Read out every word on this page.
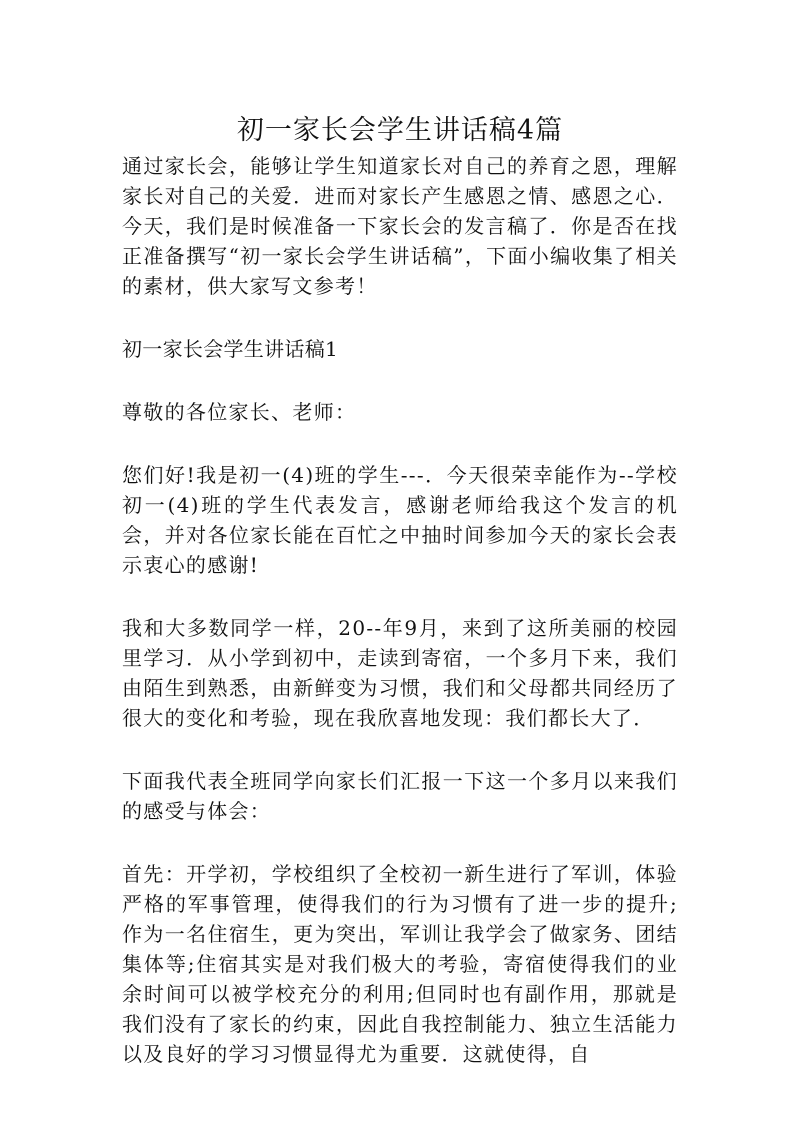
初一家长会学生讲话稿4篇

通过家长会，能够让学生知道家长对自己的养育之恩，理解家长对自己的关爱．进而对家长产生感恩之情、感恩之心．今天，我们是时候准备一下家长会的发言稿了．你是否在找正准备撰写“初一家长会学生讲话稿”，下面小编收集了相关的素材，供大家写文参考！

初一家长会学生讲话稿1

尊敬的各位家长、老师：

您们好!我是初一(4)班的学生---．今天很荣幸能作为--学校初一(4)班的学生代表发言，感谢老师给我这个发言的机会，并对各位家长能在百忙之中抽时间参加今天的家长会表示衷心的感谢!

我和大多数同学一样，20--年9月，来到了这所美丽的校园里学习．从小学到初中，走读到寄宿，一个多月下来，我们由陌生到熟悉，由新鲜变为习惯，我们和父母都共同经历了很大的变化和考验，现在我欣喜地发现：我们都长大了．

下面我代表全班同学向家长们汇报一下这一个多月以来我们的感受与体会：

首先：开学初，学校组织了全校初一新生进行了军训，体验严格的军事管理，使得我们的行为习惯有了进一步的提升;作为一名住宿生，更为突出，军训让我学会了做家务、团结集体等;住宿其实是对我们极大的考验，寄宿使得我们的业余时间可以被学校充分的利用;但同时也有副作用，那就是我们没有了家长的约束，因此自我控制能力、独立生活能力以及良好的学习习惯显得尤为重要．这就使得，自
